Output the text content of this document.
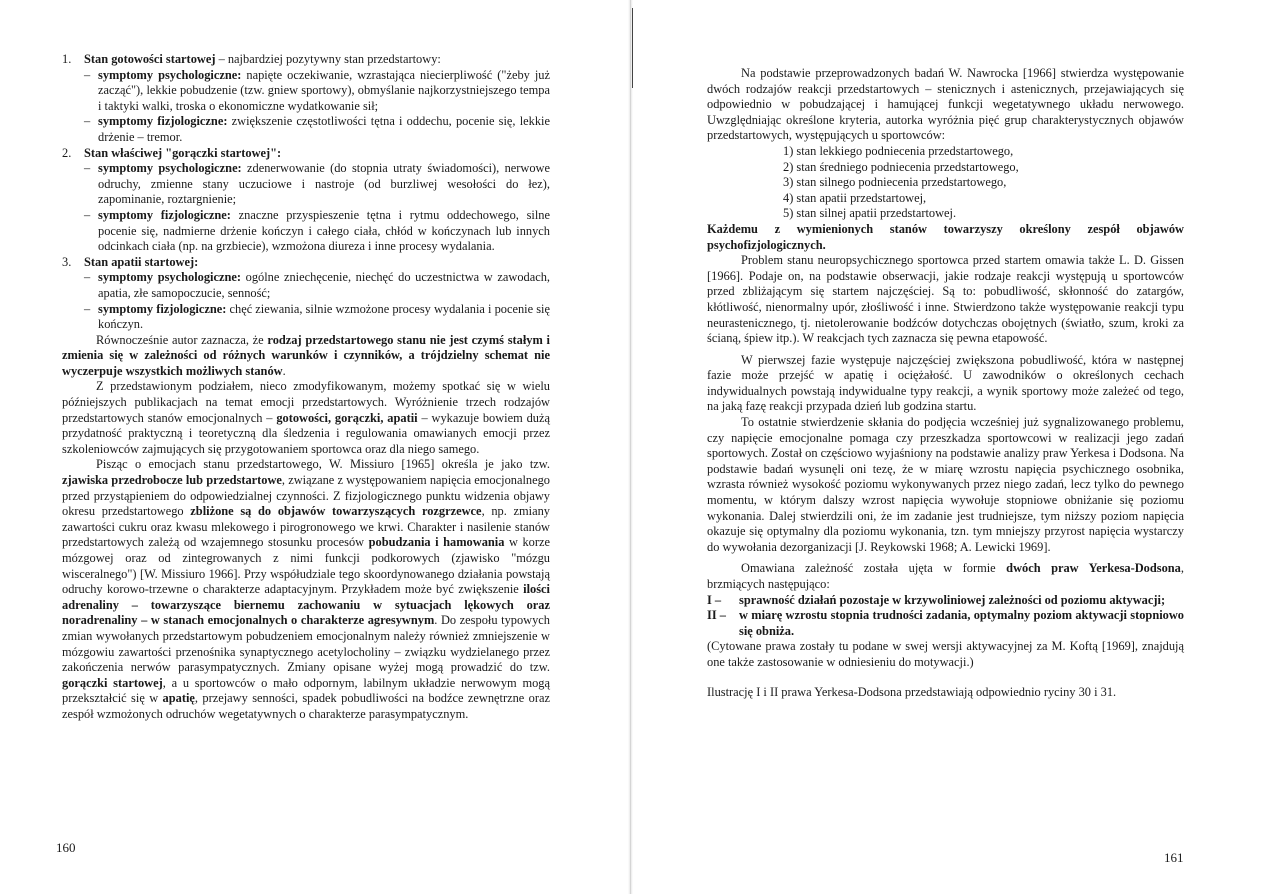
1.	Stan gotowości startowej – najbardziej pozytywny stan przedstartowy:
– symptomy psychologiczne: napięte oczekiwanie, wzrastająca niecierpliwość ("żeby już zacząć"), lekkie pobudzenie (tzw. gniew sportowy), obmyślanie najkorzystniejszego tempa i taktyki walki, troska o ekonomiczne wydatkowanie sił;
– symptomy fizjologiczne: zwiększenie częstotliwości tętna i oddechu, pocenie się, lekkie drżenie – tremor.
2.	Stan właściwej "gorączki startowej":
– symptomy psychologiczne: zdenerwowanie (do stopnia utraty świadomości), nerwowe odruchy, zmienne stany uczuciowe i nastroje (od burzliwej wesołości do łez), zapominanie, roztargnienie;
– symptomy fizjologiczne: znaczne przyspieszenie tętna i rytmu oddechowego, silne pocenie się, nadmierne drżenie kończyn i całego ciała, chłód w kończynach lub innych odcinkach ciała (np. na grzbiecie), wzmożona diureza i inne procesy wydalania.
3.	Stan apatii startowej:
– symptomy psychologiczne: ogólne zniechęcenie, niechęć do uczestnictwa w zawodach, apatia, złe samopoczucie, senność;
– symptomy fizjologiczne: chęć ziewania, silnie wzmożone procesy wydalania i pocenie się kończyn.

Równocześnie autor zaznacza, że rodzaj przedstartowego stanu nie jest czymś stałym i zmienia się w zależności od różnych warunków i czynników, a trójdzielny schemat nie wyczerpuje wszystkich możliwych stanów.

Z przedstawionym podziałem, nieco zmodyfikowanym, możemy spotkać się w wielu późniejszych publikacjach na temat emocji przedstartowych. Wyróżnienie trzech rodzajów przedstartowych stanów emocjonalnych – gotowości, gorączki, apatii – wykazuje bowiem dużą przydatność praktyczną i teoretyczną dla śledzenia i regulowania omawianych emocji przez szkoleniowców zajmujących się przygotowaniem sportowca oraz dla niego samego.

Pisząc o emocjach stanu przedstartowego, W. Missiuro [1965] określa je jako tzw. zjawiska przedrobocze lub przedstartowe, związane z występowaniem napięcia emocjonalnego przed przystąpieniem do odpowiedzialnej czynności. Z fizjologicznego punktu widzenia objawy okresu przedstartowego zbliżone są do objawów towarzyszących rozgrzewce, np. zmiany zawartości cukru oraz kwasu mlekowego i pirogronowego we krwi. Charakter i nasilenie stanów przedstartowych zależą od wzajemnego stosunku procesów pobudzania i hamowania w korze mózgowej oraz od zintegrowanych z nimi funkcji podkorowych (zjawisko "mózgu wisceralnego") [W. Missiuro 1966]. Przy współudziale tego skoordynowanego działania powstają odruchy korowo-trzewne o charakterze adaptacyjnym. Przykładem może być zwiększenie ilości adrenaliny – towarzyszące biernemu zachowaniu w sytuacjach lękowych oraz noradrenaliny – w stanach emocjonalnych o charakterze agresywnym. Do zespołu typowych zmian wywołanych przedstartowym pobudzeniem emocjonalnym należy również zmniejszenie w mózgowiu zawartości przenośnika synaptycznego acetylocholiny – związku wydzielanego przez zakończenia nerwów parasympatycznych. Zmiany opisane wyżej mogą prowadzić do tzw. gorączki startowej, a u sportowców o mało odpornym, labilnym układzie nerwowym mogą przekształcić się w apatię, przejawy senności, spadek pobudliwości na bodźce zewnętrzne oraz zespół wzmożonych odruchów wegetatywnych o charakterze parasympatycznym.

160

Na podstawie przeprowadzonych badań W. Nawrocka [1966] stwierdza występowanie dwóch rodzajów reakcji przedstartowych – stenicznych i astenicznych, przejawiających się odpowiednio w pobudzającej i hamującej funkcji wegetatywnego układu nerwowego. Uwzględniając określone kryteria, autorka wyróżnia pięć grup charakterystycznych objawów przedstartowych, występujących u sportowców:

1) stan lekkiego podniecenia przedstartowego,
2) stan średniego podniecenia przedstartowego,
3) stan silnego podniecenia przedstartowego,
4) stan apatii przedstartowej,
5) stan silnej apatii przedstartowej.

Każdemu z wymienionych stanów towarzyszy określony zespół objawów psychofizjologicznych.

Problem stanu neuropsychicznego sportowca przed startem omawia także L. D. Gissen [1966]. Podaje on, na podstawie obserwacji, jakie rodzaje reakcji występują u sportowców przed zbliżającym się startem najczęściej. Są to: pobudliwość, skłonność do zatargów, kłótliwość, nienormalny upór, złośliwość i inne. Stwierdzono także występowanie reakcji typu neurastenicznego, tj. nietolerowanie bodźców dotychczas obojętnych (światło, szum, kroki za ścianą, śpiew itp.). W reakcjach tych zaznacza się pewna etapowość.

W pierwszej fazie występuje najczęściej zwiększona pobudliwość, która w następnej fazie może przejść w apatię i ociężałość. U zawodników o określonych cechach indywidualnych powstają indywidualne typy reakcji, a wynik sportowy może zależeć od tego, na jaką fazę reakcji przypada dzień lub godzina startu.

To ostatnie stwierdzenie skłania do podjęcia wcześniej już sygnalizowanego problemu, czy napięcie emocjonalne pomaga czy przeszkadza sportowcowi w realizacji jego zadań sportowych. Został on częściowo wyjaśniony na podstawie analizy praw Yerkesa i Dodsona. Na podstawie badań wysunęli oni tezę, że w miarę wzrostu napięcia psychicznego osobnika, wzrasta również wysokość poziomu wykonywanych przez niego zadań, lecz tylko do pewnego momentu, w którym dalszy wzrost napięcia wywołuje stopniowe obniżanie się poziomu wykonania. Dalej stwierdzili oni, że im zadanie jest trudniejsze, tym niższy poziom napięcia okazuje się optymalny dla poziomu wykonania, tzn. tym mniejszy przyrost napięcia wystarczy do wywołania dezorganizacji [J. Reykowski 1968; A. Lewicki 1969].

Omawiana zależność została ujęta w formie dwóch praw Yerkesa-Dodsona, brzmiących następująco:

I –	sprawność działań pozostaje w krzywoliniowej zależności od poziomu aktywacji;
II –	w miarę wzrostu stopnia trudności zadania, optymalny poziom aktywacji stopniowo się obniża.

(Cytowane prawa zostały tu podane w swej wersji aktywacyjnej za M. Koftą [1969], znajdują one także zastosowanie w odniesieniu do motywacji.)

Ilustrację I i II prawa Yerkesa-Dodsona przedstawiają odpowiednio ryciny 30 i 31.

161
